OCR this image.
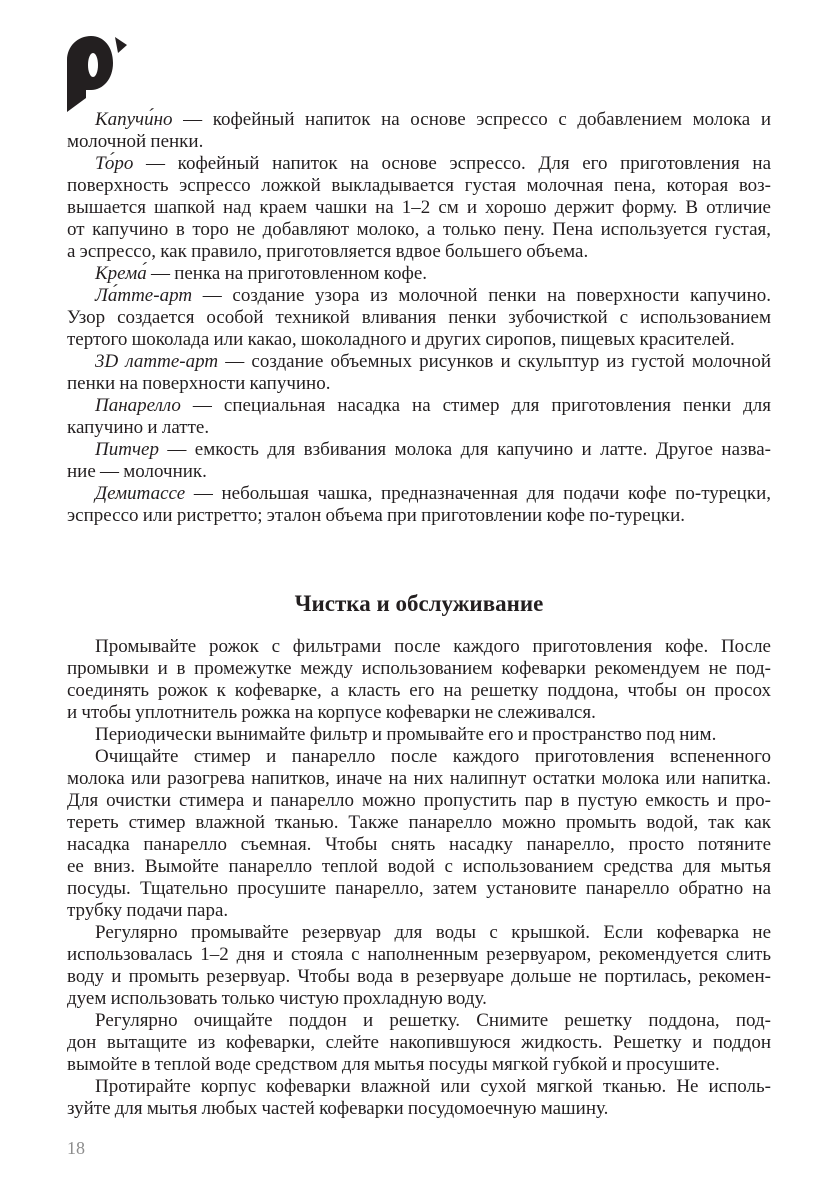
Капучи́но — кофейный напиток на основе эспрессо с добавлением молока и
молочной пенки.
То́ро — кофейный напиток на основе эспрессо. Для его приготовления на
поверхность эспрессо ложкой выкладывается густая молочная пена, которая воз-
вышается шапкой над краем чашки на 1–2 см и хорошо держит форму. В отличие
от капучино в торо не добавляют молоко, а только пену. Пена используется густая,
а эспрессо, как правило, приготовляется вдвое большего объема.
Крема́ — пенка на приготовленном кофе.
Ла́тте-арт — создание узора из молочной пенки на поверхности капучино.
Узор создается особой техникой вливания пенки зубочисткой с использованием
тертого шоколада или какао, шоколадного и других сиропов, пищевых красителей.
3D латте-арт — создание объемных рисунков и скульптур из густой молочной
пенки на поверхности капучино.
Панарелло — специальная насадка на стимер для приготовления пенки для
капучино и латте.
Питчер — емкость для взбивания молока для капучино и латте. Другое назва-
ние — молочник.
Демитассе — небольшая чашка, предназначенная для подачи кофе по-турецки,
эспрессо или ристретто; эталон объема при приготовлении кофе по-турецки.
Чистка и обслуживание
Промывайте рожок с фильтрами после каждого приготовления кофе. После
промывки и в промежутке между использованием кофеварки рекомендуем не под-
соединять рожок к кофеварке, а класть его на решетку поддона, чтобы он просох
и чтобы уплотнитель рожка на корпусе кофеварки не слеживался.
Периодически вынимайте фильтр и промывайте его и пространство под ним.
Очищайте стимер и панарелло после каждого приготовления вспененного
молока или разогрева напитков, иначе на них налипнут остатки молока или напитка.
Для очистки стимера и панарелло можно пропустить пар в пустую емкость и про-
тереть стимер влажной тканью. Также панарелло можно промыть водой, так как
насадка панарелло съемная. Чтобы снять насадку панарелло, просто потяните
ее вниз. Вымойте панарелло теплой водой с использованием средства для мытья
посуды. Тщательно просушите панарелло, затем установите панарелло обратно на
трубку подачи пара.
Регулярно промывайте резервуар для воды с крышкой. Если кофеварка не
использовалась 1–2 дня и стояла с наполненным резервуаром, рекомендуется слить
воду и промыть резервуар. Чтобы вода в резервуаре дольше не портилась, рекомен-
дуем использовать только чистую прохладную воду.
Регулярно очищайте поддон и решетку. Снимите решетку поддона, под-
дон вытащите из кофеварки, слейте накопившуюся жидкость. Решетку и поддон
вымойте в теплой воде средством для мытья посуды мягкой губкой и просушите.
Протирайте корпус кофеварки влажной или сухой мягкой тканью. Не исполь-
зуйте для мытья любых частей кофеварки посудомоечную машину.
18
